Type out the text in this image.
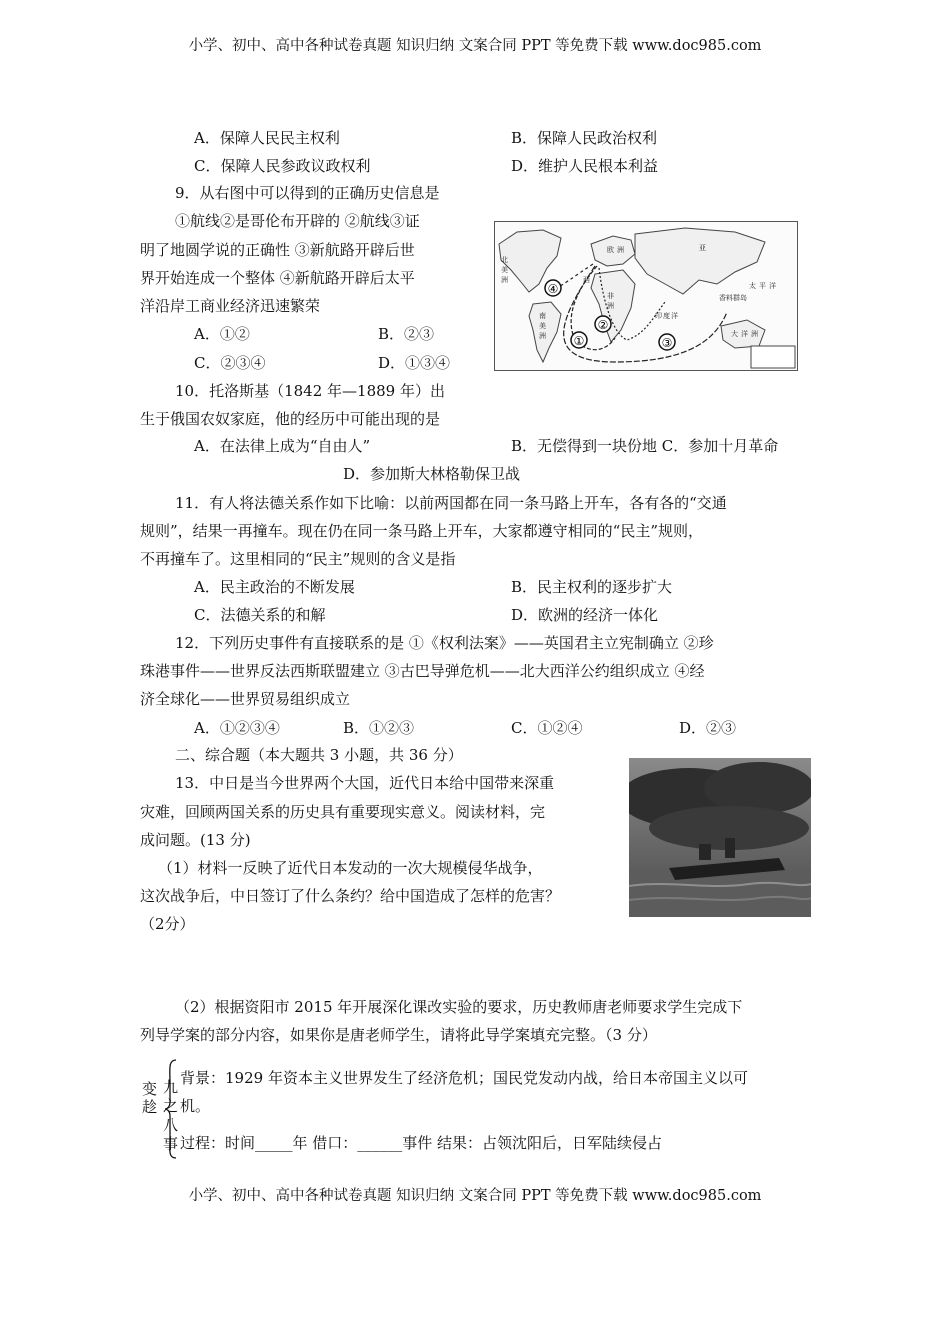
小学、初中、高中各种试卷真题 知识归纳 文案合同 PPT 等免费下载 www.doc985.com
A．保障人民民主权利	B．保障人民政治权利
C．保障人民参政议政权利	D．维护人民根本利益
9．从右图中可以得到的正确历史信息是
①航线②是哥伦布开辟的 ②航线③证
明了地圆学说的正确性 ③新航路开辟后世
界开始连成一个整体 ④新航路开辟后太平
洋沿岸工商业经济迅速繁荣
A．①②	B．②③
C．②③④	D．①③④
①
②
③
④
北
美
洲
南
美
洲
欧 洲	亚
非
洲
太 平 洋
大 洋 洲
印 度 洋
香料群岛
西
10．托洛斯基（1842 年—1889 年）出
生于俄国农奴家庭，他的经历中可能出现的是
A．在法律上成为“自由人”	B．无偿得到一块份地 C．参加十月革命
D．参加斯大林格勒保卫战
11．有人将法德关系作如下比喻：以前两国都在同一条马路上开车，各有各的“交通
规则”，结果一再撞车。现在仍在同一条马路上开车，大家都遵守相同的“民主”规则，
不再撞车了。这里相同的“民主”规则的含义是指
A．民主政治的不断发展	B．民主权利的逐步扩大
C．法德关系的和解	D．欧洲的经济一体化
12．下列历史事件有直接联系的是 ①《权利法案》——英国君主立宪制确立 ②珍
珠港事件——世界反法西斯联盟建立 ③古巴导弹危机——北大西洋公约组织成立 ④经
济全球化——世界贸易组织成立
A．①②③④	B．①②③	C．①②④	D．②③
二、综合题（本大题共 3 小题，共 36 分）
13．中日是当今世界两个大国，近代日本给中国带来深重
灾难，回顾两国关系的历史具有重要现实意义。阅读材料，完
成问题。(13 分)
（1）材料一反映了近代日本发动的一次大规模侵华战争，
这次战争后，中日签订了什么条约？给中国造成了怎样的危害？
（2分）
（2）根据资阳市 2015 年开展深化课改实验的要求，历史教师唐老师要求学生完成下
列导学案的部分内容，如果你是唐老师学生，请将此导学案填充完整。（3 分）
变
趁
九
之
八
事
背景：1929 年资本主义世界发生了经济危机；国民党发动内战，给日本帝国主义以可
机。
过程：时间_____年 借口：______事件 结果：占领沈阳后，日军陆续侵占
小学、初中、高中各种试卷真题 知识归纳 文案合同 PPT 等免费下载 www.doc985.com
